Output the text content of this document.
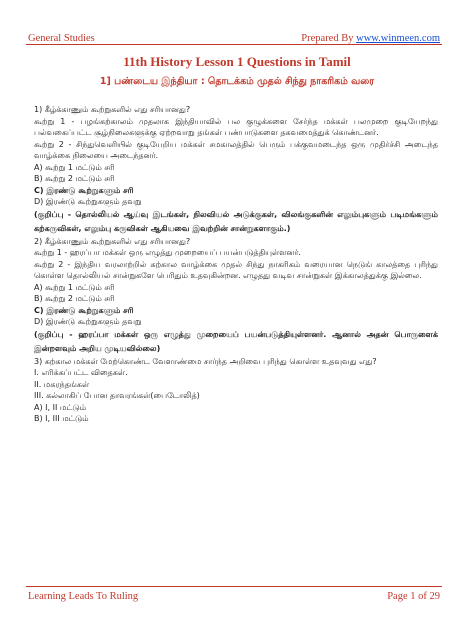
General Studies	Prepared By www.winmeen.com
11th History Lesson 1 Questions in Tamil
1] பண்டைய இந்தியா : தொடக்கம் முதல் சிந்து நாகரிகம் வரை

1) கீழ்க்காணும் கூற்றுகளில் எது சரியானது?

கூற்று 1 - பழங்கற்காலம் முதலாக இந்தியாவில் பல குழுக்களை சேர்ந்த மக்கள் பலமுறை குடியேறந்து பல்வகைப்பட்ட சூழ்நிலைகளுக்கு ஏற்றவாறு தங்கள் பண்பாடுகளை தகவமைத்துக் கொண்டனர்.

கூற்று 2 - சிந்துவெளியில் குடியேறிய மக்கள் சமகாலத்தில் பெரும் பக்குவமடைந்த ஒரு முதிர்ச்சி அடைந்த வாழ்க்கை நிலையை அடைந்தனர்.

A) கூற்று 1 மட்டும் சரி

B) கூற்று 2 மட்டும் சரி

C) இரண்டு கூற்றுகளும் சரி

D) இரண்டு கூற்றுகளும் தவறு

(குறிப்பு - தொல்லியல் ஆய்வு இடங்கள், நிலவியல் அடுக்குகள், விலங்குகளின் எலும்புகளும் படிமங்களும் கற்கருவிகள், எலும்பு கருவிகள் ஆகியவை இவற்றின் சான்றுகளாகும்.)

2) கீழ்க்காணும் கூற்றுகளில் எது சரியானது?

கூற்று 1 - ஹரப்பா மக்கள் ஒரு எழுத்து முறையைப் பயன்படுத்தியுள்ளனர்.

கூற்று 2 - இந்திய வரலாற்றில் கற்கால வாழ்க்கை முதல் சிந்து நாகரிகம் வரையான நெடுங் காலத்தை புரிந்து கொள்ள தொல்லியல் சான்றுகளே பெரிதும் உதவுகின்றன. எழுதது வடிவ சான்றுகள் இக்காலத்துக்கு இல்லை.

A) கூற்று 1 மட்டும் சரி

B) கூற்று 2 மட்டும் சரி

C) இரண்டு கூற்றுகளும் சரி

D) இரண்டு கூற்றுகளும் தவறு

(குறிப்பு - ஹரப்பா மக்கள் ஒரு எழுத்து முறையைப் பயன்படுத்தியுள்ளனர். ஆனால் அதன் பொருளைக் இன்றளவும் அறிய முடியவில்லை)

3) கற்கால மக்கள் மேற்கொண்ட வேளாண்மை சார்ந்த அறிவை புரிந்து கொள்ள உதவுவது எது?

I. எரிக்கப்பட்ட விதைகள்.

II. மகரந்தங்கள்

III. கல்லாகிப் போன தாவரங்கள்(பைடோலித்)

A) I, II மட்டும்

B) I, III மட்டும்

Learning Leads To Ruling	Page 1 of 29
